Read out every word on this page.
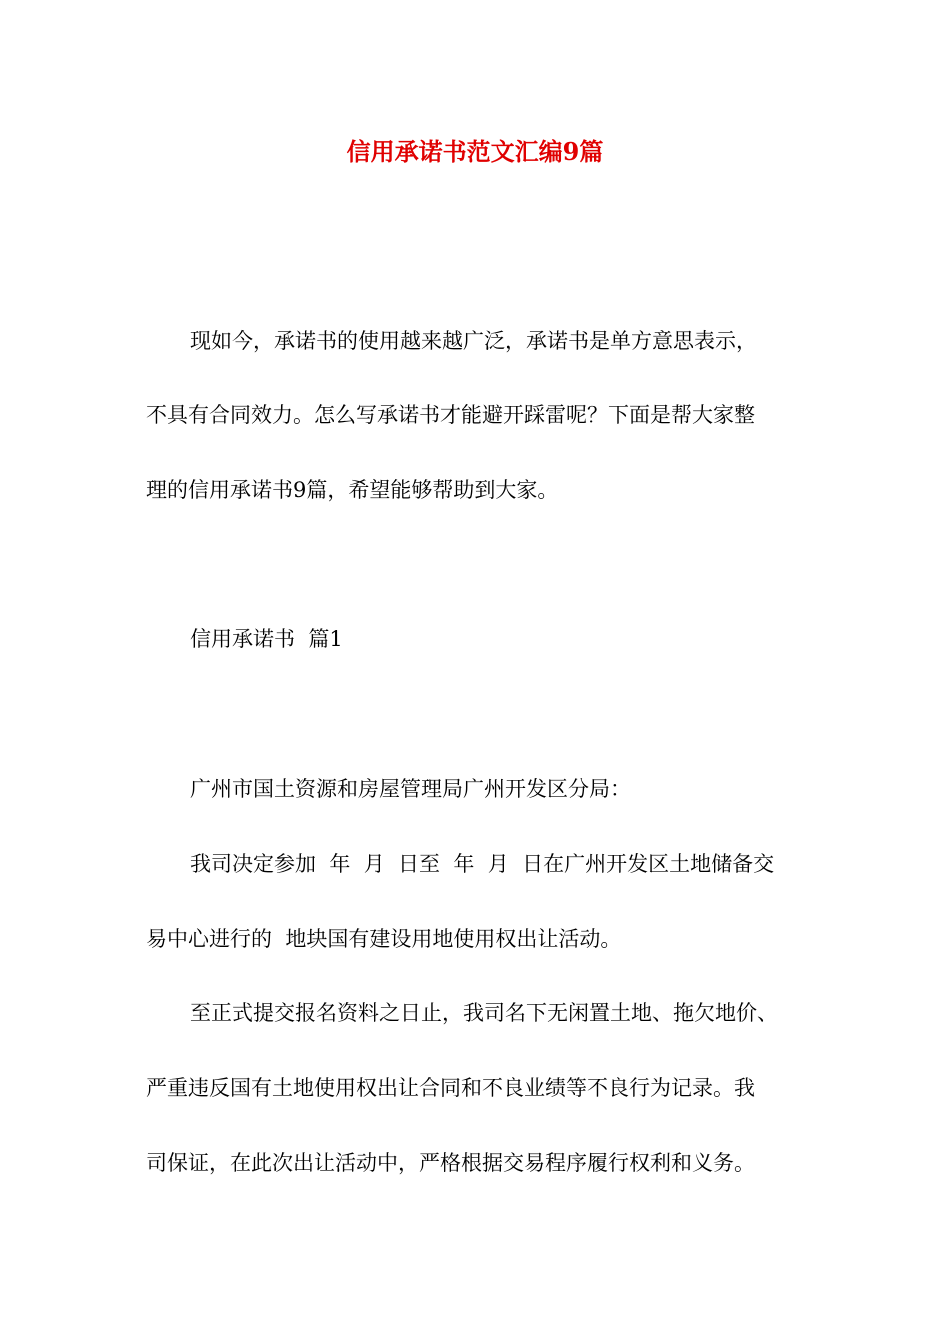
信用承诺书范文汇编9篇
现如今，承诺书的使用越来越广泛，承诺书是单方意思表示，
不具有合同效力。怎么写承诺书才能避开踩雷呢？下面是帮大家整
理的信用承诺书9篇，希望能够帮助到大家。
信用承诺书  篇1
广州市国土资源和房屋管理局广州开发区分局：
我司决定参加  年  月  日至  年  月  日在广州开发区土地储备交
易中心进行的  地块国有建设用地使用权出让活动。
至正式提交报名资料之日止，我司名下无闲置土地、拖欠地价、
严重违反国有土地使用权出让合同和不良业绩等不良行为记录。我
司保证，在此次出让活动中，严格根据交易程序履行权利和义务。
